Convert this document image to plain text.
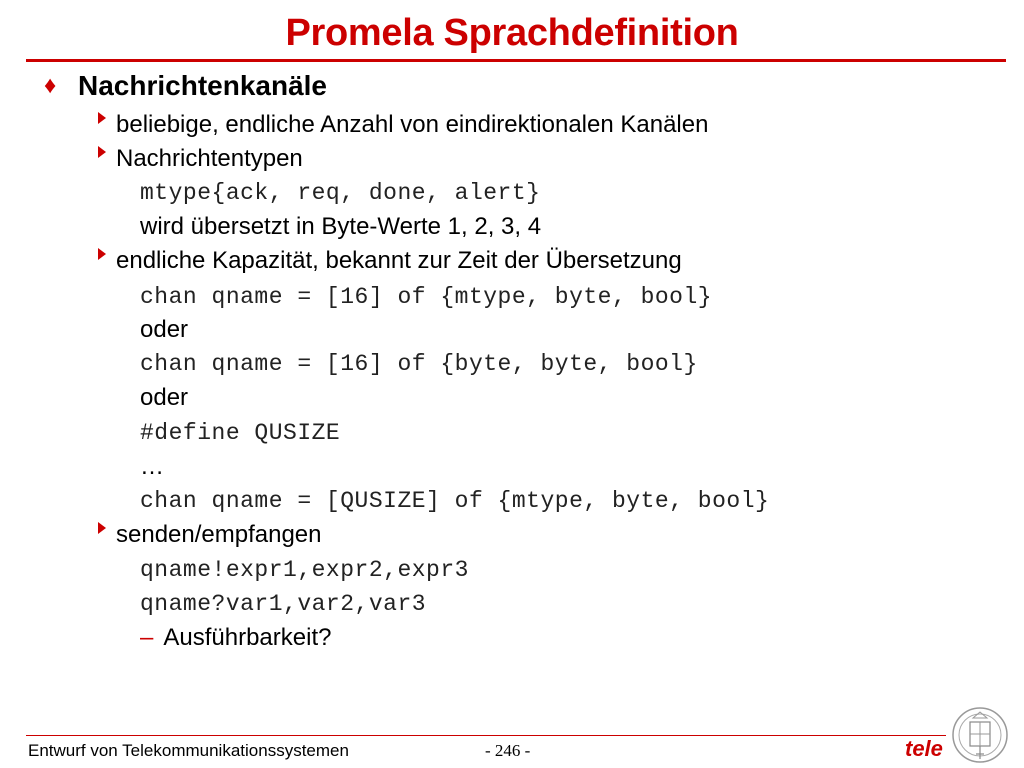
Promela Sprachdefinition
♦ Nachrichtenkanäle
beliebige, endliche Anzahl von eindirektionalen Kanälen
Nachrichtentypen
mtype{ack, req, done, alert}
wird übersetzt in Byte-Werte 1, 2, 3, 4
endliche Kapazität, bekannt zur Zeit der Übersetzung
chan qname = [16] of {mtype, byte, bool}
oder
chan qname = [16] of {byte, byte, bool}
oder
#define QUSIZE
…
chan qname = [QUSIZE] of {mtype, byte, bool}
senden/empfangen
qname!expr1,expr2,expr3
qname?var1,var2,var3
– Ausführbarkeit?
Entwurf von Telekommunikationssystemen	- 246 -	tele
